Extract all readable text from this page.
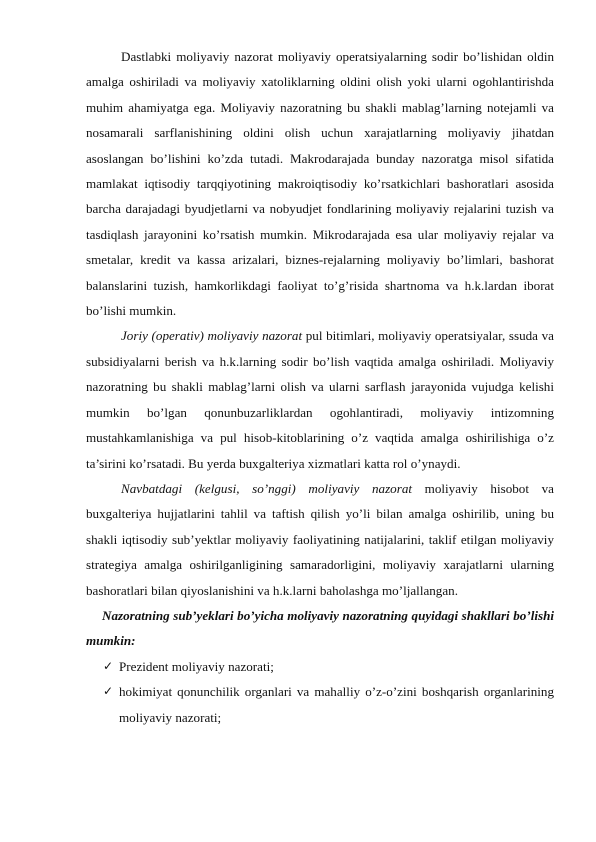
Dastlabki moliyaviy nazorat moliyaviy operatsiyalarning sodir bo’lishidan oldin amalga oshiriladi va moliyaviy xatoliklarning oldini olish yoki ularni ogohlantirishda muhim ahamiyatga ega. Moliyaviy nazoratning bu shakli mablag’larning notejamli va nosamarali sarflanishining oldini olish uchun xarajatlarning moliyaviy jihatdan asoslangan bo’lishini ko’zda tutadi. Makrodarajada bunday nazoratga misol sifatida mamlakat iqtisodiy tarqqiyotining makroiqtisodiy ko’rsatkichlari bashoratlari asosida barcha darajadagi byudjetlarni va nobyudjet fondlarining moliyaviy rejalarini tuzish va tasdiqlash jarayonini ko’rsatish mumkin. Mikrodarajada esa ular moliyaviy rejalar va smetalar, kredit va kassa arizalari, biznes-rejalarning moliyaviy bo’limlari, bashorat balanslarini tuzish, hamkorlikdagi faoliyat to’g’risida shartnoma va h.k.lardan iborat bo’lishi mumkin.

Joriy (operativ) moliyaviy nazorat pul bitimlari, moliyaviy operatsiyalar, ssuda va subsidiyalarni berish va h.k.larning sodir bo’lish vaqtida amalga oshiriladi. Moliyaviy nazoratning bu shakli mablag’larni olish va ularni sarflash jarayonida vujudga kelishi mumkin bo’lgan qonunbuzarliklardan ogohlantiradi, moliyaviy intizomning mustahkamlanishiga va pul hisob-kitoblarining o’z vaqtida amalga oshirilishiga o’z ta’sirini ko’rsatadi. Bu yerda buxgalteriya xizmatlari katta rol o’ynaydi.

Navbatdagi (kelgusi, so’nggi) moliyaviy nazorat moliyaviy hisobot va buxgalteriya hujjatlarini tahlil va taftish qilish yo’li bilan amalga oshirilib, uning bu shakli iqtisodiy sub’yektlar moliyaviy faoliyatining natijalarini, taklif etilgan moliyaviy strategiya amalga oshirilganligining samaradorligini, moliyaviy xarajatlarni ularning bashoratlari bilan qiyoslanishini va h.k.larni baholashga mo’ljallangan.

Nazoratning sub’yeklari bo’yicha moliyaviy nazoratning quyidagi shakllari bo’lishi mumkin:

✓ Prezident moliyaviy nazorati;
✓ hokimiyat qonunchilik organlari va mahalliy o’z-o’zini boshqarish organlarining moliyaviy nazorati;
